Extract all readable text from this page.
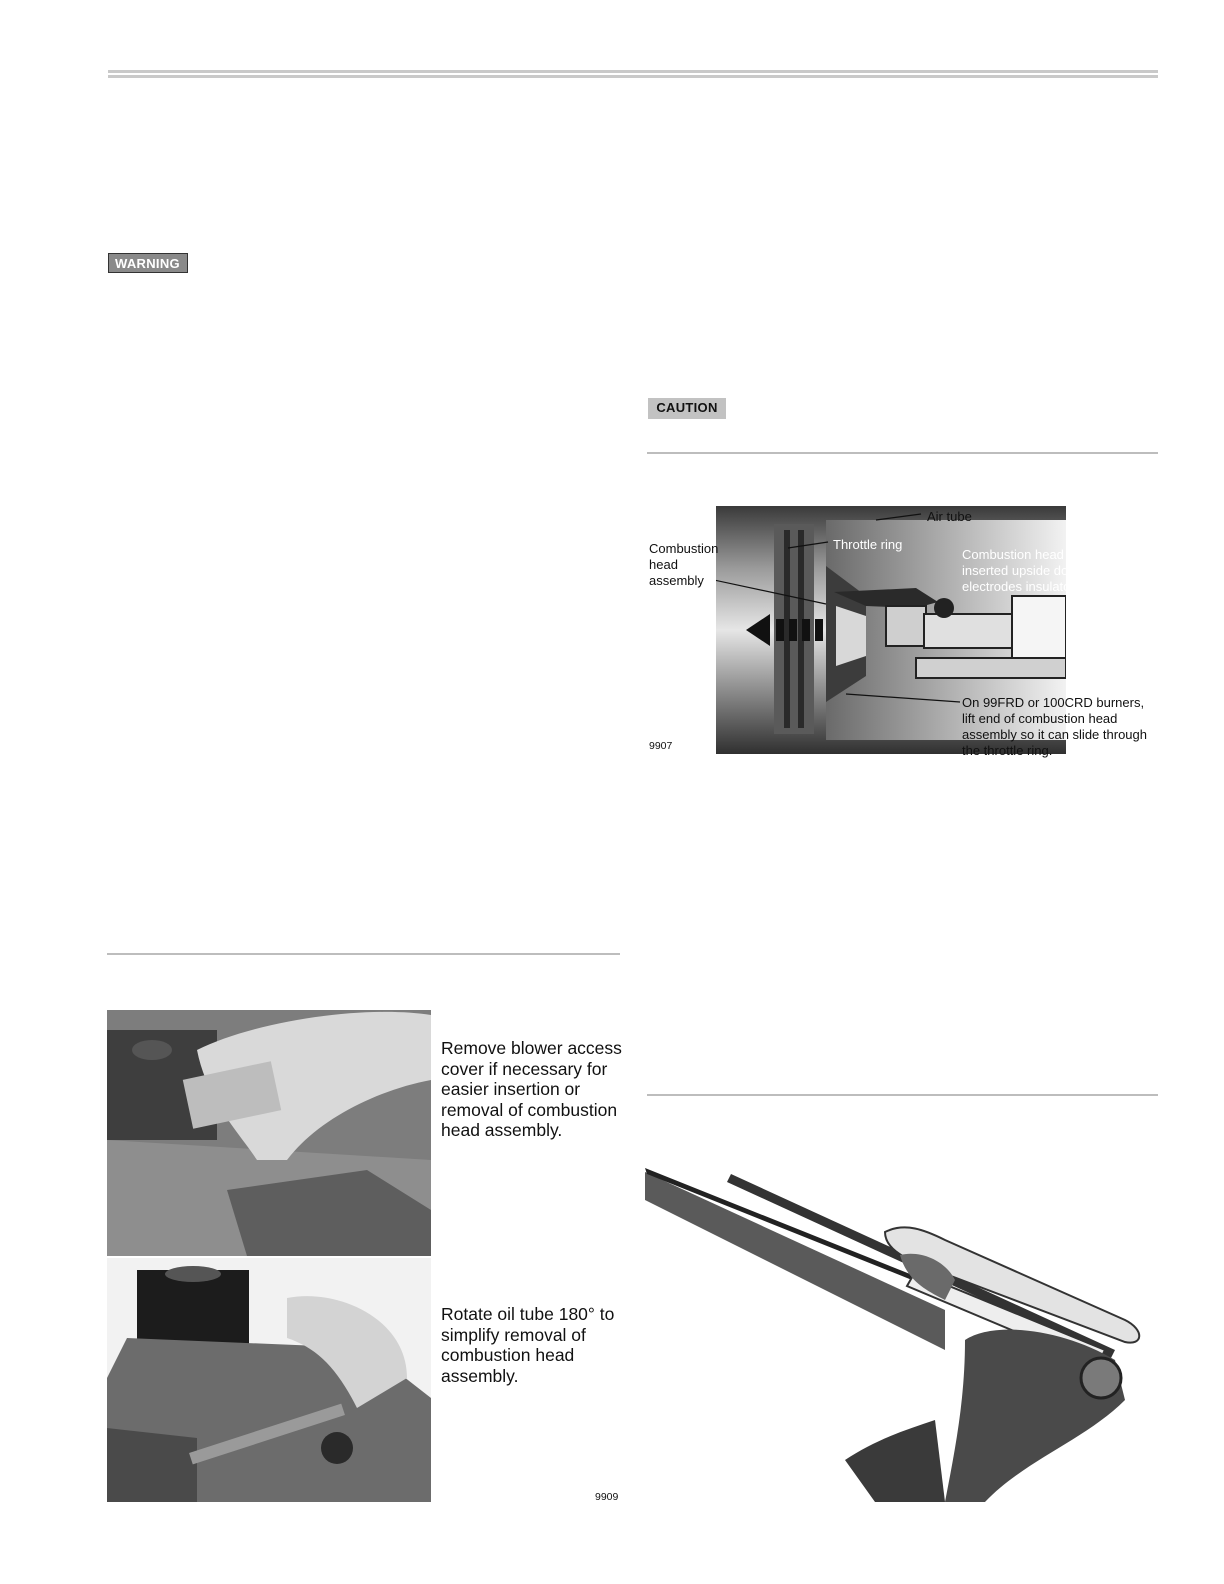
WARNING
CAUTION
Air tube
Throttle ring
Combustion
head
assembly
Combustion head assembly is
inserted upside down so
electrodes insulators clear.
On 99FRD or 100CRD burners,
lift end of combustion head
assembly so it can slide through
the throttle ring.
9907
Remove blower access
cover if necessary for
easier insertion or
removal of combustion
head assembly.
Rotate oil tube 180° to
simplify removal of
combustion head
assembly.
9909
